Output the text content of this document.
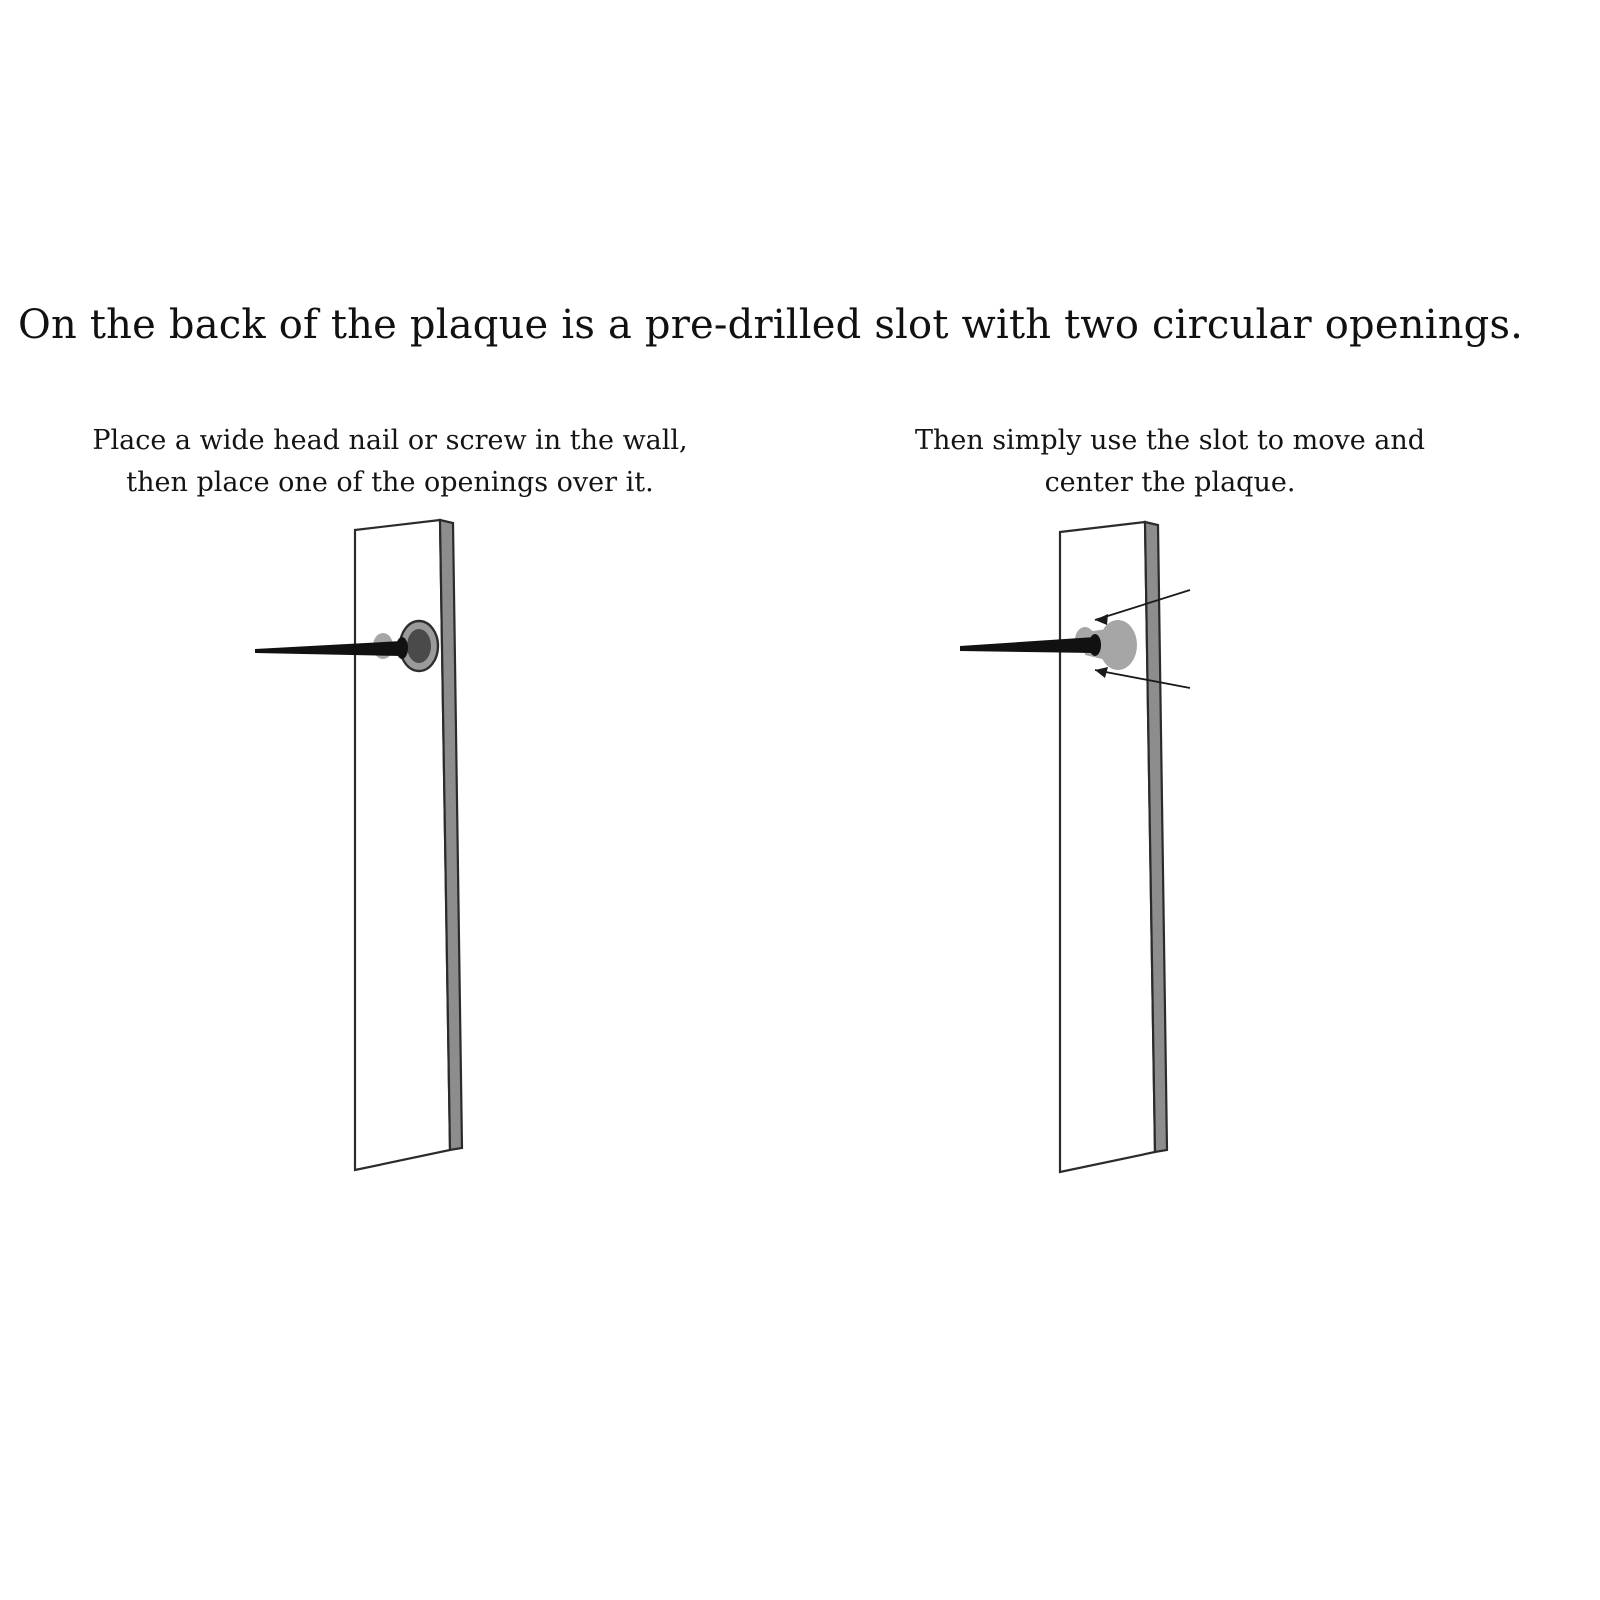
On the back of the plaque is a pre-drilled slot with two circular openings.
Place a wide head nail or screw in the wall,
then place one of the openings over it.
Then simply use the slot to move and
center the plaque.
